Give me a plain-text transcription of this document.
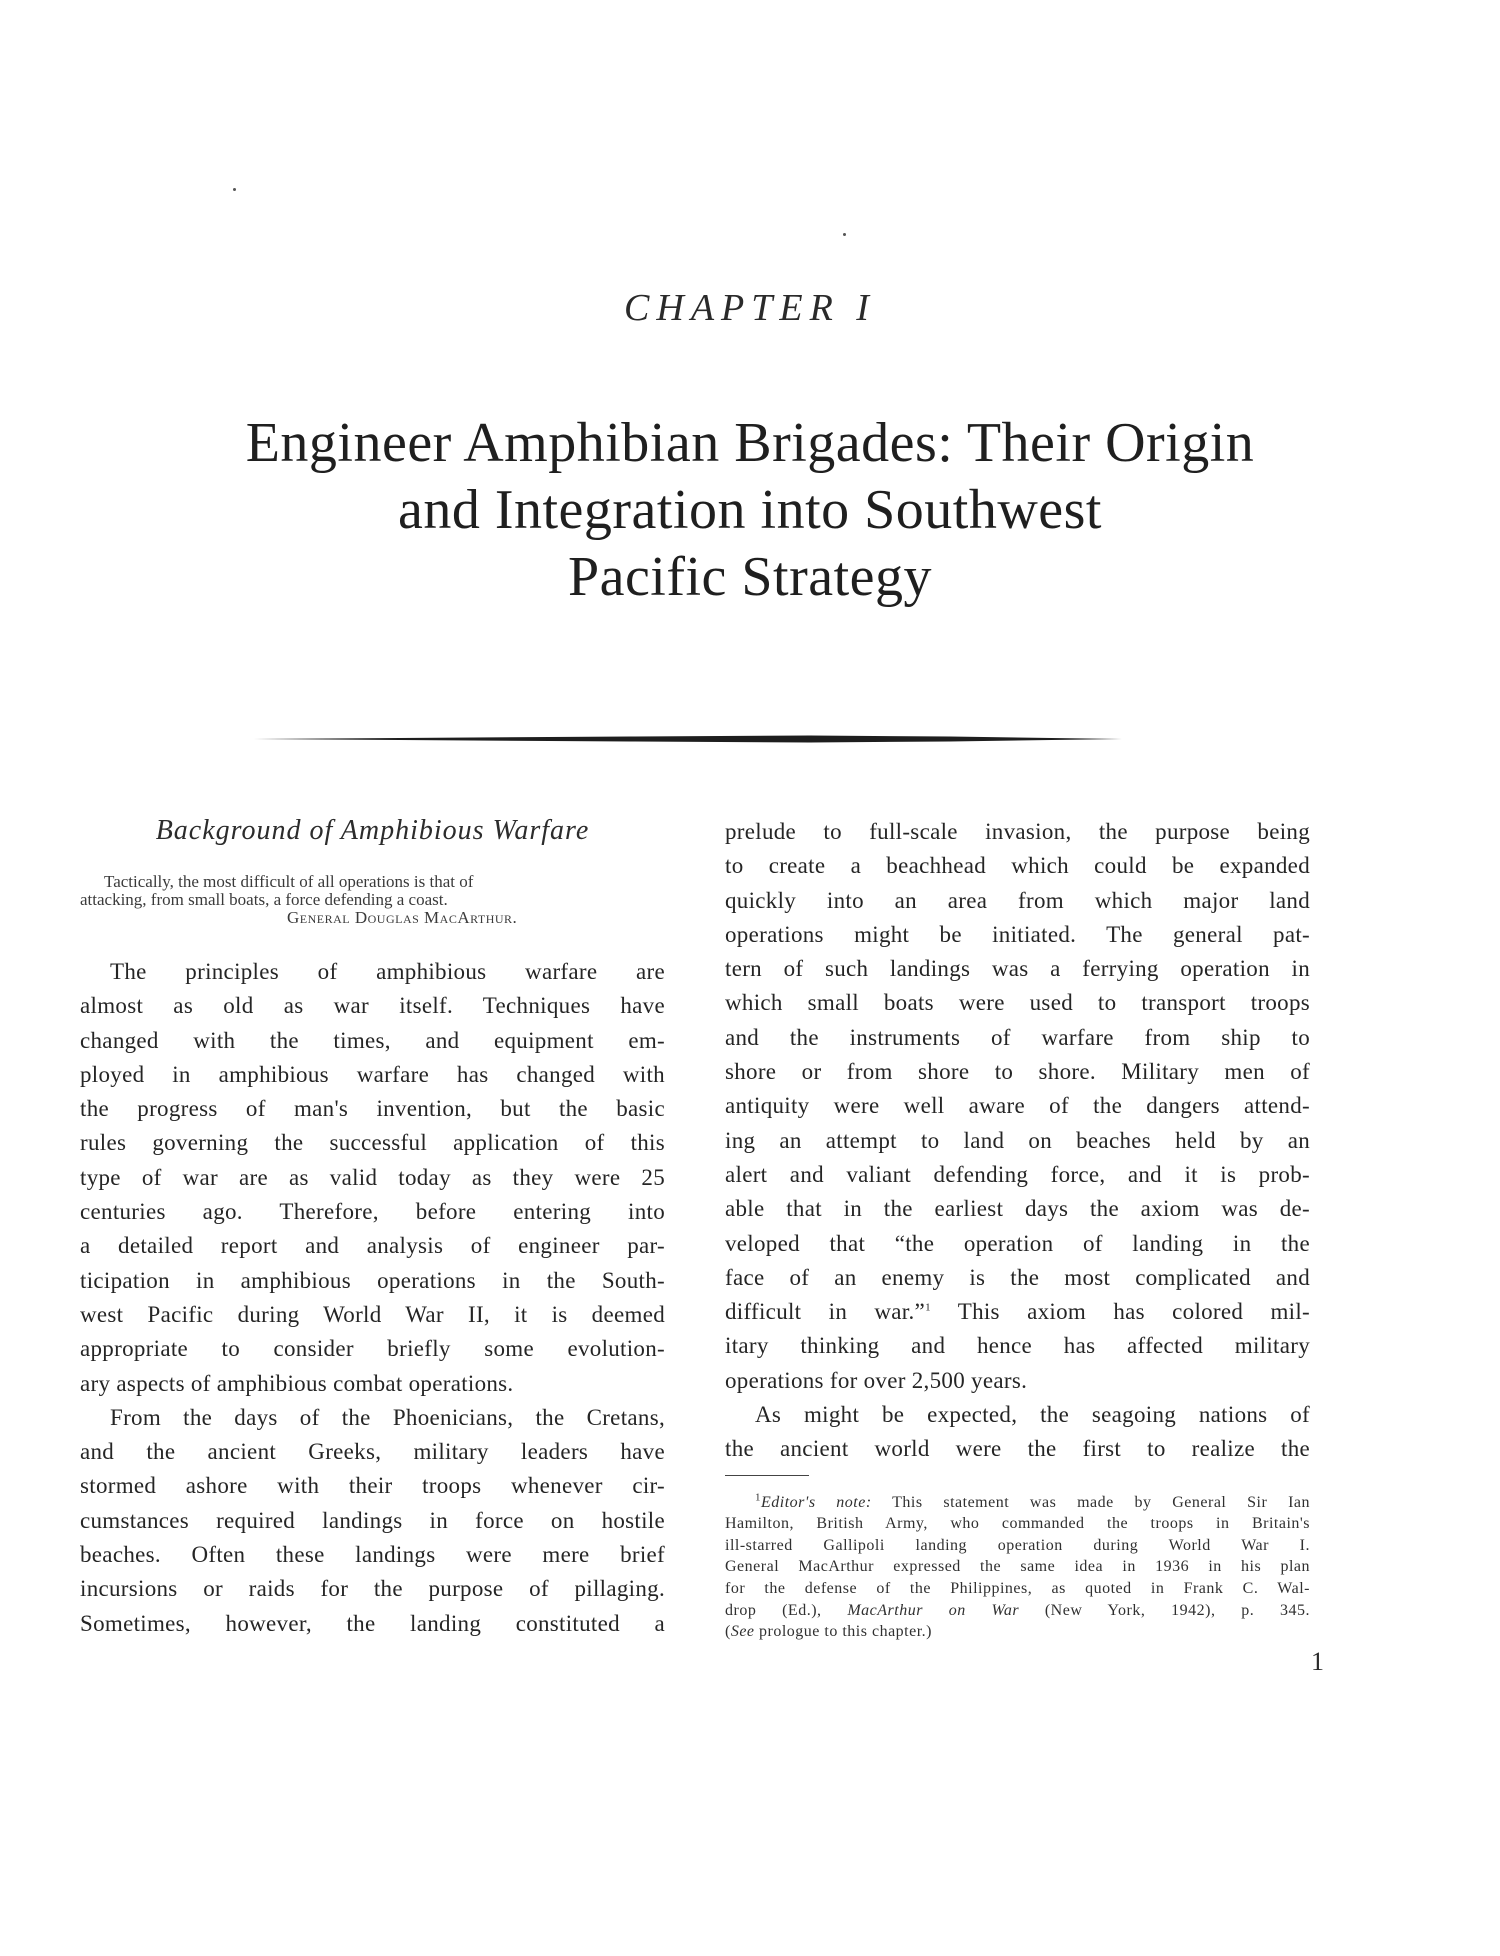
CHAPTER I
Engineer Amphibian Brigades: Their Origin
and Integration into Southwest
Pacific Strategy
Background of Amphibious Warfare
Tactically, the most difficult of all operations is that of
attacking, from small boats, a force defending a coast.
General Douglas MacArthur.
The principles of amphibious warfare are
almost as old as war itself. Techniques have
changed with the times, and equipment em-
ployed in amphibious warfare has changed with
the progress of man's invention, but the basic
rules governing the successful application of this
type of war are as valid today as they were 25
centuries ago. Therefore, before entering into
a detailed report and analysis of engineer par-
ticipation in amphibious operations in the South-
west Pacific during World War II, it is deemed
appropriate to consider briefly some evolution-
ary aspects of amphibious combat operations.
From the days of the Phoenicians, the Cretans,
and the ancient Greeks, military leaders have
stormed ashore with their troops whenever cir-
cumstances required landings in force on hostile
beaches. Often these landings were mere brief
incursions or raids for the purpose of pillaging.
Sometimes, however, the landing constituted a
prelude to full-scale invasion, the purpose being
to create a beachhead which could be expanded
quickly into an area from which major land
operations might be initiated. The general pat-
tern of such landings was a ferrying operation in
which small boats were used to transport troops
and the instruments of warfare from ship to
shore or from shore to shore. Military men of
antiquity were well aware of the dangers attend-
ing an attempt to land on beaches held by an
alert and valiant defending force, and it is prob-
able that in the earliest days the axiom was de-
veloped that “the operation of landing in the
face of an enemy is the most complicated and
difficult in war.”$^1$ This axiom has colored mil-
itary thinking and hence has affected military
operations for over 2,500 years.
As might be expected, the seagoing nations of
the ancient world were the first to realize the
$^1$Editor's note: This statement was made by General Sir Ian
Hamilton, British Army, who commanded the troops in Britain's
ill-starred Gallipoli landing operation during World War I.
General MacArthur expressed the same idea in 1936 in his plan
for the defense of the Philippines, as quoted in Frank C. Wal-
drop (Ed.), MacArthur on War (New York, 1942), p. 345.
(See prologue to this chapter.)
1
